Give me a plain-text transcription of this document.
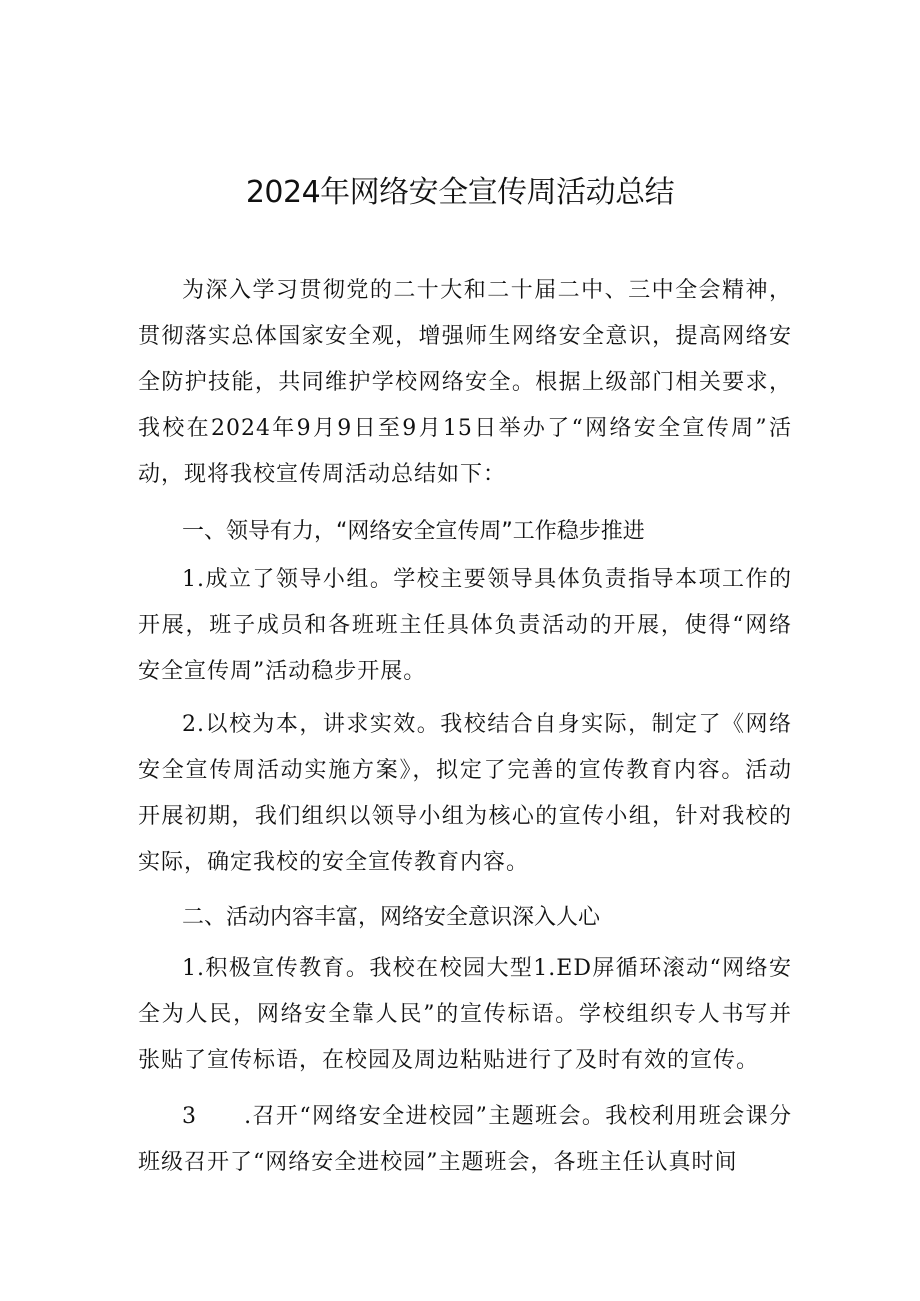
2024年网络安全宣传周活动总结

为深入学习贯彻党的二十大和二十届二中、三中全会精神，贯彻落实总体国家安全观，增强师生网络安全意识，提高网络安全防护技能，共同维护学校网络安全。根据上级部门相关要求，我校在2024年9月9日至9月15日举办了“网络安全宣传周”活动，现将我校宣传周活动总结如下：

一、领导有力，“网络安全宣传周”工作稳步推进

1.成立了领导小组。学校主要领导具体负责指导本项工作的开展，班子成员和各班班主任具体负责活动的开展，使得“网络安全宣传周”活动稳步开展。

2.以校为本，讲求实效。我校结合自身实际，制定了《网络安全宣传周活动实施方案》，拟定了完善的宣传教育内容。活动开展初期，我们组织以领导小组为核心的宣传小组，针对我校的实际，确定我校的安全宣传教育内容。

二、活动内容丰富，网络安全意识深入人心

1.积极宣传教育。我校在校园大型1.ED屏循环滚动“网络安全为人民，网络安全靠人民”的宣传标语。学校组织专人书写并张贴了宣传标语，在校园及周边粘贴进行了及时有效的宣传。

3　　.召开“网络安全进校园”主题班会。我校利用班会课分班级召开了“网络安全进校园”主题班会，各班主任认真时间
